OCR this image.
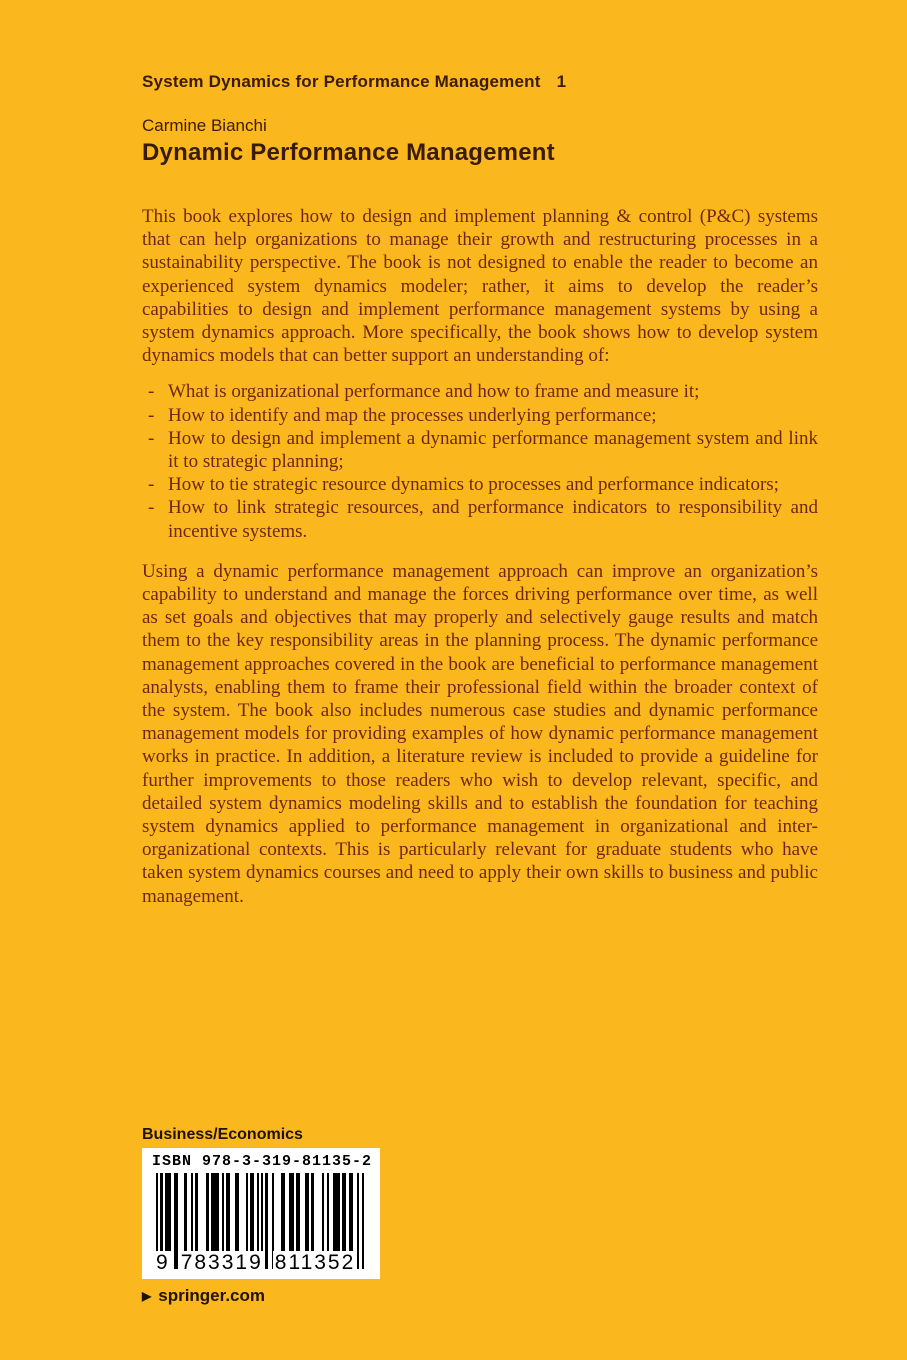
System Dynamics for Performance Management 1
Carmine Bianchi
Dynamic Performance Management

This book explores how to design and implement planning & control (P&C) systems that can help organizations to manage their growth and restructuring processes in a sustainability perspective. The book is not designed to enable the reader to become an experienced system dynamics modeler; rather, it aims to develop the reader’s capabilities to design and implement performance management systems by using a system dynamics approach. More specifically, the book shows how to develop system dynamics models that can better support an understanding of:

- What is organizational performance and how to frame and measure it;
- How to identify and map the processes underlying performance;
- How to design and implement a dynamic performance management system and link it to strategic planning;
- How to tie strategic resource dynamics to processes and performance indicators;
- How to link strategic resources, and performance indicators to responsibility and incentive systems.

Using a dynamic performance management approach can improve an organization’s capability to understand and manage the forces driving performance over time, as well as set goals and objectives that may properly and selectively gauge results and match them to the key responsibility areas in the planning process. The dynamic performance management approaches covered in the book are beneficial to performance management analysts, enabling them to frame their professional field within the broader context of the system. The book also includes numerous case studies and dynamic performance management models for providing examples of how dynamic performance management works in practice. In addition, a literature review is included to provide a guideline for further improvements to those readers who wish to develop relevant, specific, and detailed system dynamics modeling skills and to establish the foundation for teaching system dynamics applied to performance management in organizational and inter-organizational contexts. This is particularly relevant for graduate students who have taken system dynamics courses and need to apply their own skills to business and public management.

Business/Economics
ISBN 978-3-319-81135-2
9 783319 811352
▶ springer.com
